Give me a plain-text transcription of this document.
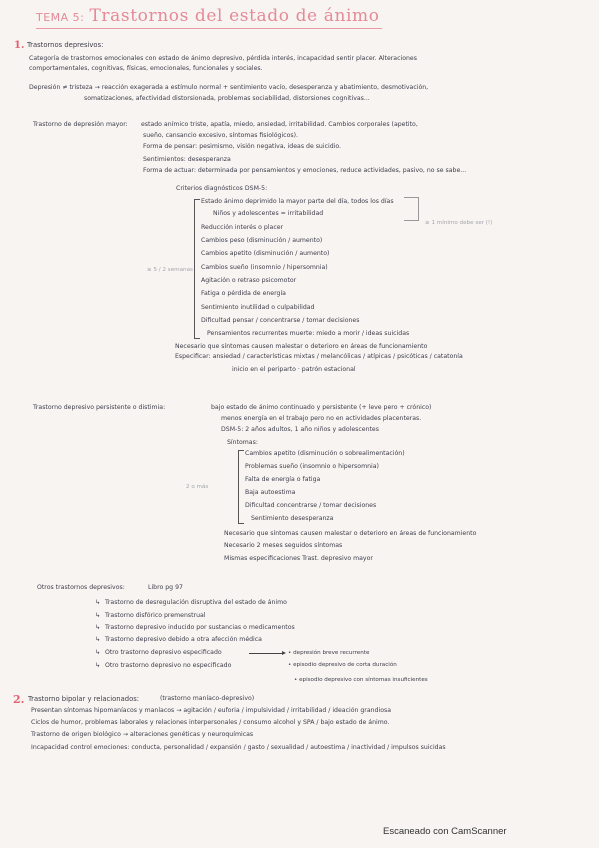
TEMA 5: Trastornos del estado de ánimo
1. Trastornos depresivos:
Categoría de trastornos emocionales con estado de ánimo depresivo, pérdida interés, incapacidad sentir placer. Alteraciones
comportamentales, cognitivas, físicas, emocionales, funcionales y sociales.
Depresión ≠ tristeza → reacción exagerada a estímulo normal + sentimiento vacío, desesperanza y abatimiento, desmotivación,
somatizaciones, afectividad distorsionada, problemas sociabilidad, distorsiones cognitivas...
Trastorno de depresión mayor: estado anímico triste, apatía, miedo, ansiedad, irritabilidad. Cambios corporales (apetito,
sueño, cansancio excesivo, síntomas fisiológicos).
Forma de pensar: pesimismo, visión negativa, ideas de suicidio.
Sentimientos: desesperanza
Forma de actuar: determinada por pensamientos y emociones, reduce actividades, pasivo, no se sabe...
Criterios diagnósticos DSM-5:
Estado ánimo deprimido la mayor parte del día, todos los días
Niños y adolescentes = irritabilidad
Reducción interés o placer
Cambios peso (disminución / aumento)
Cambios apetito (disminución / aumento)
Cambios sueño (insomnio / hipersomnia)
Agitación o retraso psicomotor
Fatiga o pérdida de energía
Sentimiento inutilidad o culpabilidad
Dificultad pensar / concentrarse / tomar decisiones
Pensamientos recurrentes muerte: miedo a morir / ideas suicidas
≥ 1 mínimo debe ser (!)
≥ 5 / 2 semanas
Necesario que síntomas causen malestar o deterioro en áreas de funcionamiento
Especificar: ansiedad / características mixtas / melancólicas / atípicas / psicóticas / catatonía
inicio en el periparto · patrón estacional
Trastorno depresivo persistente o distimia:	bajo estado de ánimo continuado y persistente (+ leve pero + crónico)
menos energía en el trabajo pero no en actividades placenteras.
DSM-5: 2 años adultos, 1 año niños y adolescentes
Síntomas:
2 o más
Cambios apetito (disminución o sobrealimentación)
Problemas sueño (insomnio o hipersomnia)
Falta de energía o fatiga
Baja autoestima
Dificultad concentrarse / tomar decisiones
Sentimiento desesperanza
Necesario que síntomas causen malestar o deterioro en áreas de funcionamiento
Necesario 2 meses seguidos síntomas
Mismas especificaciones Trast. depresivo mayor
Otros trastornos depresivos:	Libro pg 97
↳ Trastorno de desregulación disruptiva del estado de ánimo
↳ Trastorno disfórico premenstrual
↳ Trastorno depresivo inducido por sustancias o medicamentos
↳ Trastorno depresivo debido a otra afección médica
↳ Otro trastorno depresivo especificado
↳ Otro trastorno depresivo no especificado
• depresión breve recurrente
• episodio depresivo de corta duración
• episodio depresivo con síntomas insuficientes
2. Trastorno bipolar y relacionados:	(trastorno maníaco-depresivo)
Presentan síntomas hipomaníacos y maníacos → agitación / euforia / impulsividad / irritabilidad / ideación grandiosa
Ciclos de humor, problemas laborales y relaciones interpersonales / consumo alcohol y SPA / bajo estado de ánimo.
Trastorno de origen biológico → alteraciones genéticas y neuroquímicas
Incapacidad control emociones: conducta, personalidad / expansión / gasto / sexualidad / autoestima / inactividad / impulsos suicidas
Escaneado con CamScanner
